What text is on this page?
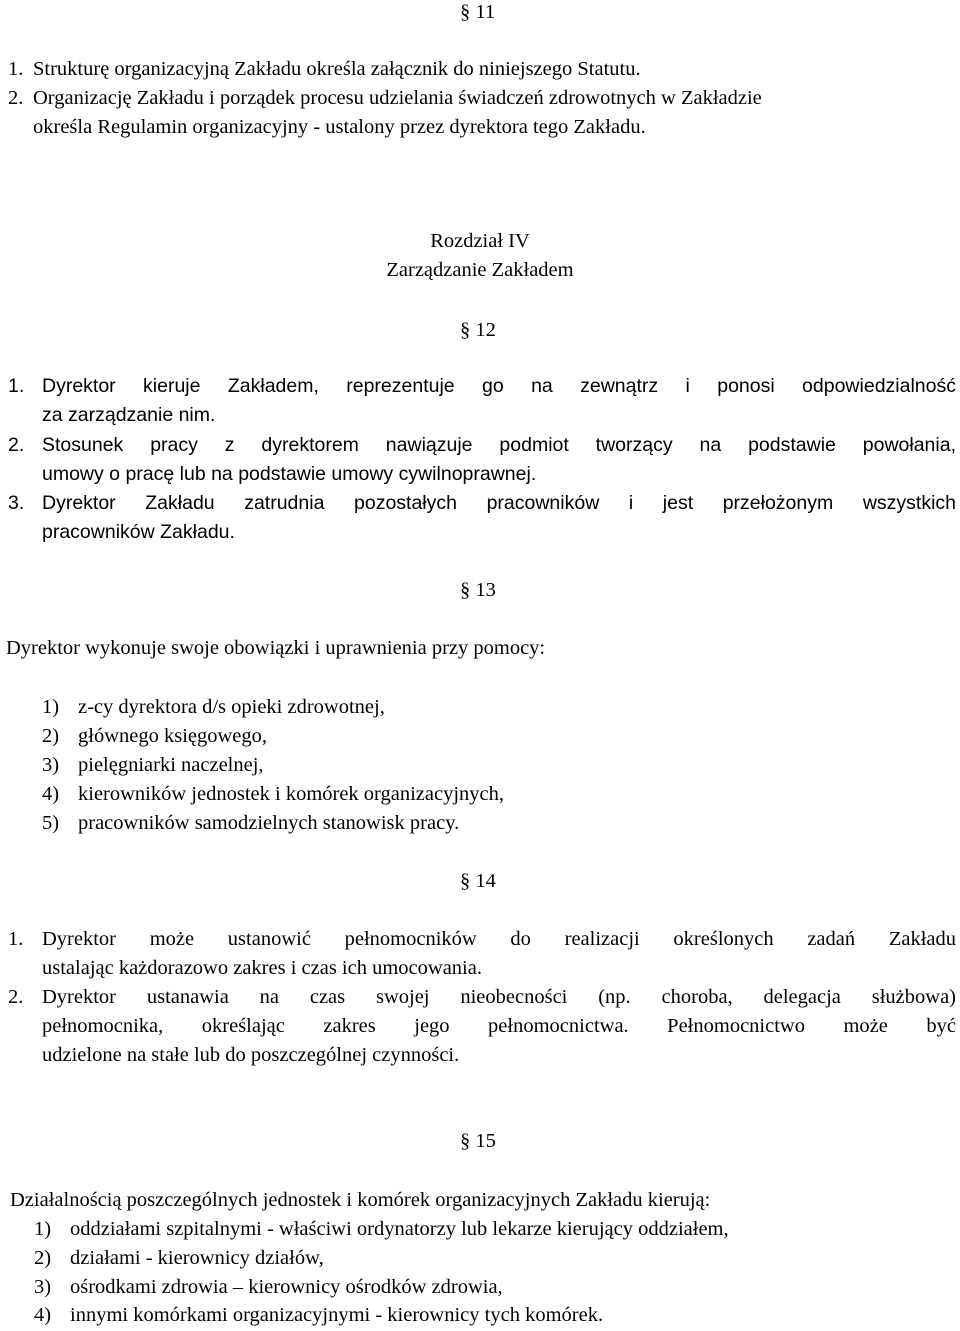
§ 11
1. Strukturę organizacyjną Zakładu określa załącznik do niniejszego Statutu.
2. Organizację Zakładu i porządek procesu udzielania świadczeń zdrowotnych w Zakładzie
określa Regulamin organizacyjny - ustalony przez dyrektora tego Zakładu.
Rozdział IV
Zarządzanie Zakładem
§ 12
1. Dyrektor kieruje Zakładem, reprezentuje go na zewnątrz i ponosi odpowiedzialność
za zarządzanie nim.
2. Stosunek pracy z dyrektorem nawiązuje podmiot tworzący na podstawie powołania,
umowy o pracę lub na podstawie umowy cywilnoprawnej.
3. Dyrektor Zakładu zatrudnia pozostałych pracowników i jest przełożonym wszystkich
pracowników Zakładu.
§ 13
Dyrektor wykonuje swoje obowiązki i uprawnienia przy pomocy:
1) z-cy dyrektora d/s opieki zdrowotnej,
2) głównego księgowego,
3) pielęgniarki naczelnej,
4) kierowników jednostek i komórek organizacyjnych,
5) pracowników samodzielnych stanowisk pracy.
§ 14
1. Dyrektor może ustanowić pełnomocników do realizacji określonych zadań Zakładu
ustalając każdorazowo zakres i czas ich umocowania.
2. Dyrektor ustanawia na czas swojej nieobecności (np. choroba, delegacja służbowa)
pełnomocnika, określając zakres jego pełnomocnictwa. Pełnomocnictwo może być
udzielone na stałe lub do poszczególnej czynności.
§ 15
Działalnością poszczególnych jednostek i komórek organizacyjnych Zakładu kierują:
1) oddziałami szpitalnymi - właściwi ordynatorzy lub lekarze kierujący oddziałem,
2) działami - kierownicy działów,
3) ośrodkami zdrowia – kierownicy ośrodków zdrowia,
4) innymi komórkami organizacyjnymi - kierownicy tych komórek.
